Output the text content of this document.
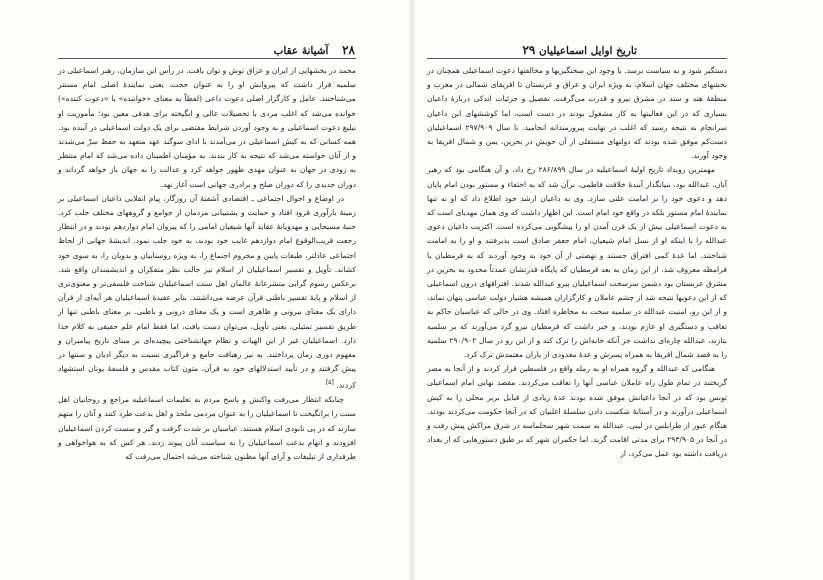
٢٨ آشیانهٔ عقاب

محمد در بخشهایی از ایران و عراق توش و توان یافت. در رأس این سازمان، رهبر اسماعیلی در سلمیه قرار داشت که پیروانش او را به عنوان حجت، یعنی نمایندهٔ اصلی امام مستتر می‌شناختند. عامل و کارگزار اصلی دعوت داعی (لفظاً به معنای «خواننده» یا «دعوت کننده») خوانده می‌شد که اغلب مردی با تحصیلات عالی و انگیخته برای هدفی معین بود؛ مأموریت او تبلیغ دعوت اسماعیلی و به وجود آوردن شرایط مقتضی برای یک دولت اسماعیلی در آینده بود. همه کسانی که به کیش اسماعیلی در می‌آمدند با ادای سوگند عهد متعهد به حفظ سرّ می‌شدند و از آنان خواسته می‌شد که نتیجه به کار بندند. به مؤمنان اطمینان داده می‌شد که امام منتظر به زودی در جهان به عنوان مهدی ظهور خواهد کرد و عدالت را به جهان باز خواهد گرداند و دوران جدیدی را که دوران صلح و برادری جهانی است آغاز نهد.

در اوضاع و احوال اجتماعی ـ اقتصادی آشفتهٔ آن روزگار، پیام انقلابی داعیان اسماعیلی بر زمینهٔ بارآوری فرود افتاد و حمایت و پشتیبانی مردمان از جوامع و گروههای مختلف جلب کرد. جنبهٔ مسیحایی و مهدویانهٔ عقاید آنها شیعیان امامی را که پیروان امام دوازدهم بودند و در انتظار رجعت قریب‌الوقوع امام دوازدهم غایب خود بودند، به خود جلب نمود. اندیشهٔ جهانی از لحاظ اجتماعی عادلتر، طبقات پایین و محروم اجتماع را، به ویژه روستاییان و بدویان را، به سوی خود کشاند. تأویل و تفسیر اسماعیلیان از اسلام نیز جالب نظر متفکران و اندیشمندان واقع شد. برعکس رسوم گرایی متشرعانهٔ عالمان اهل سنت اسماعیلیان شناخت فلسفی‌تر و معنوی‌تری از اسلام و پایهٔ تفسیر باطنی قرآن عرضه می‌داشتند. بنابر عقیدهٔ اسماعیلیان هر آیه‌ای از قرآن دارای یک معنای بیرونی و ظاهری است و یک معنای درونی و باطنی. بر معنای باطنی تنها از طریق تفسیر تمثیلی، یعنی تأویل، می‌توان دست یافت، اما فقط امام علم حقیقی به کلام خدا دارد. اسماعیلیان غیر از این الهیات و نظام جهانشناختی پیچیده‌ای بر مبنای تاریخ پیامبران و مفهوم دوری زمان پرداختند. به نیز رهیافت جامع و فراگیری نسبت به دیگر ادیان و سنتها در پیش گرفتند و در تأیید استدلالهای خود به قرآن، متون کتاب مقدس و فلسفهٔ یونان استشهاد کردند. [۵]

چنانکه انتظار می‌رفت واکنش و پاسخ مردم به تعلیمات اسماعیلیه مراجع و روحانیان اهل سنت را برانگیخت تا اسماعیلیان را به عنوان مردمی ملحد و اهل بدعت طرد کنند و آنان را متهم سازند که در پی نابودی اسلام هستند. عباسیان بر شدت گرفت و گیر و سست کردن اسماعیلیان افزودند و اتهام بدعت اسماعیلیان را به سیاست آنان پیوند زدند. هر کس که به هواخواهی و طرفداری از تبلیغات و آرای آنها مظنون شناخته می‌شد احتمال می‌رفت که

تاریخ اوایل اسماعیلیان ٢٩

دستگیر شود و به سیاست برسد. با وجود این سختگیریها و مخالفتها دعوت اسماعیلی همچنان در بخشهای مختلف جهان اسلام، به ویژه ایران و عراق و عربستان تا افریقای شمالی در مغرب و منطقهٔ هند و سند در مشرق نیرو و قدرت می‌گرفت. تفصیل و جزئیات اندکی دربارهٔ داعیان بسیاری که در این فعالیتها به کار مشغول بودند در دست است، اما کوششهای این داعیان سرانجام به نتیجه رسید که اغلب در نهایت پیروزمندانه انجامید. تا سال ۲۹۷/۹۰۹ اسماعیلیان دست‌کم موفق شده بودند که دولتهای مستقلی از آن خویش در بحرین، یمن و شمال افریقا به وجود آورند.

مهمترین رویداد تاریخ اولیهٔ اسماعیلیه در سال ۲۸۶/۸۹۹ رخ داد، و آن هنگامی بود که رهبر آنان، عبدالله بود، بنیانگذار آیندهٔ خلافت فاطمی، برآن شد که به اختفاء و مستور بودن امام پایان دهد و دعوی خود را بر امامت علنی سازد. وی به داعیان ارشد خود اطلاع داد که او نه تنها نمایندهٔ امام مستور بلکه در واقع خود امام است. این اظهار داشت که وی همان مهدیای است که به دعوت اسماعیلی بیش از یک قرن آمدن او را پیشگویی می‌کرده است. اکثریت داعیان دعوی عبدالله را با اینکه او از نسل امام شیعیان، امام جعفر صادق است پذیرفتند و او را به امامت شناختند. اما عدهٔ کمی افتراق جستند و نهضتی از آن خود به وجود آوردند که به قرمطیان یا قرامطه معروف شد. از این زمان به بعد قرمطیان که پایگاه قدرتشان عمدتاً محدود به بحرین در مشرق عربستان بود دشمن سرسخت اسماعیلیان پیرو عبدالله شدند. افتراقهای درون اسماعیلی که از این دعویها نتیجه شد از چشم عاملان و کارگزاران همیشه هشیار دولت عباسی پنهان نماند، و از این رو، امنیت عبدالله در سلمیه سخت به مخاطره افتاد. وی در حالی که عباسیان حاکم به تعاقب و دستگیری او عازم بودند، و خبر داشت که قرمطیان نیرو گرد می‌آورند که بر سلمیه بتازند، عبدالله چاره‌ای نداشت جز آنکه خانه‌اش را ترک کند و از این رو در سال ۲۹۰/۹۰۲ سلمیه را به قصد شمال افریقا به همراه پسرش و عدهٔ معدودی از یاران معتمدش ترک کرد.

هنگامی که عبدالله و گروه همراه او به رمله واقع در فلسطین قرار کردند و از آنجا به مصر گریختند در تمام طول راه عاملان عباسی آنها را تعاقب می‌کردند. مقصد نهایی امام اسماعیلی تونس بود که در آنجا داعیانش موفق شده بودند عدهٔ زیادی از قبایل بربر محلی را به کیش اسماعیلی درآورند و در آستانهٔ شکست دادن سلسلهٔ اغلبیان که در آنجا حکومت می‌کردند بودند. هنگام عبور از طرابلس در لیبی، عبدالله به سمت شهر سجلماسه در شرق مراکش پیش رفت و در آنجا در ۲۹۳/۹۰۵ برای مدتی اقامت گزید. اما حکمران شهر که بر طبق دستورهایی که از بغداد دریافت داشته بود عمل می‌کرد، از
